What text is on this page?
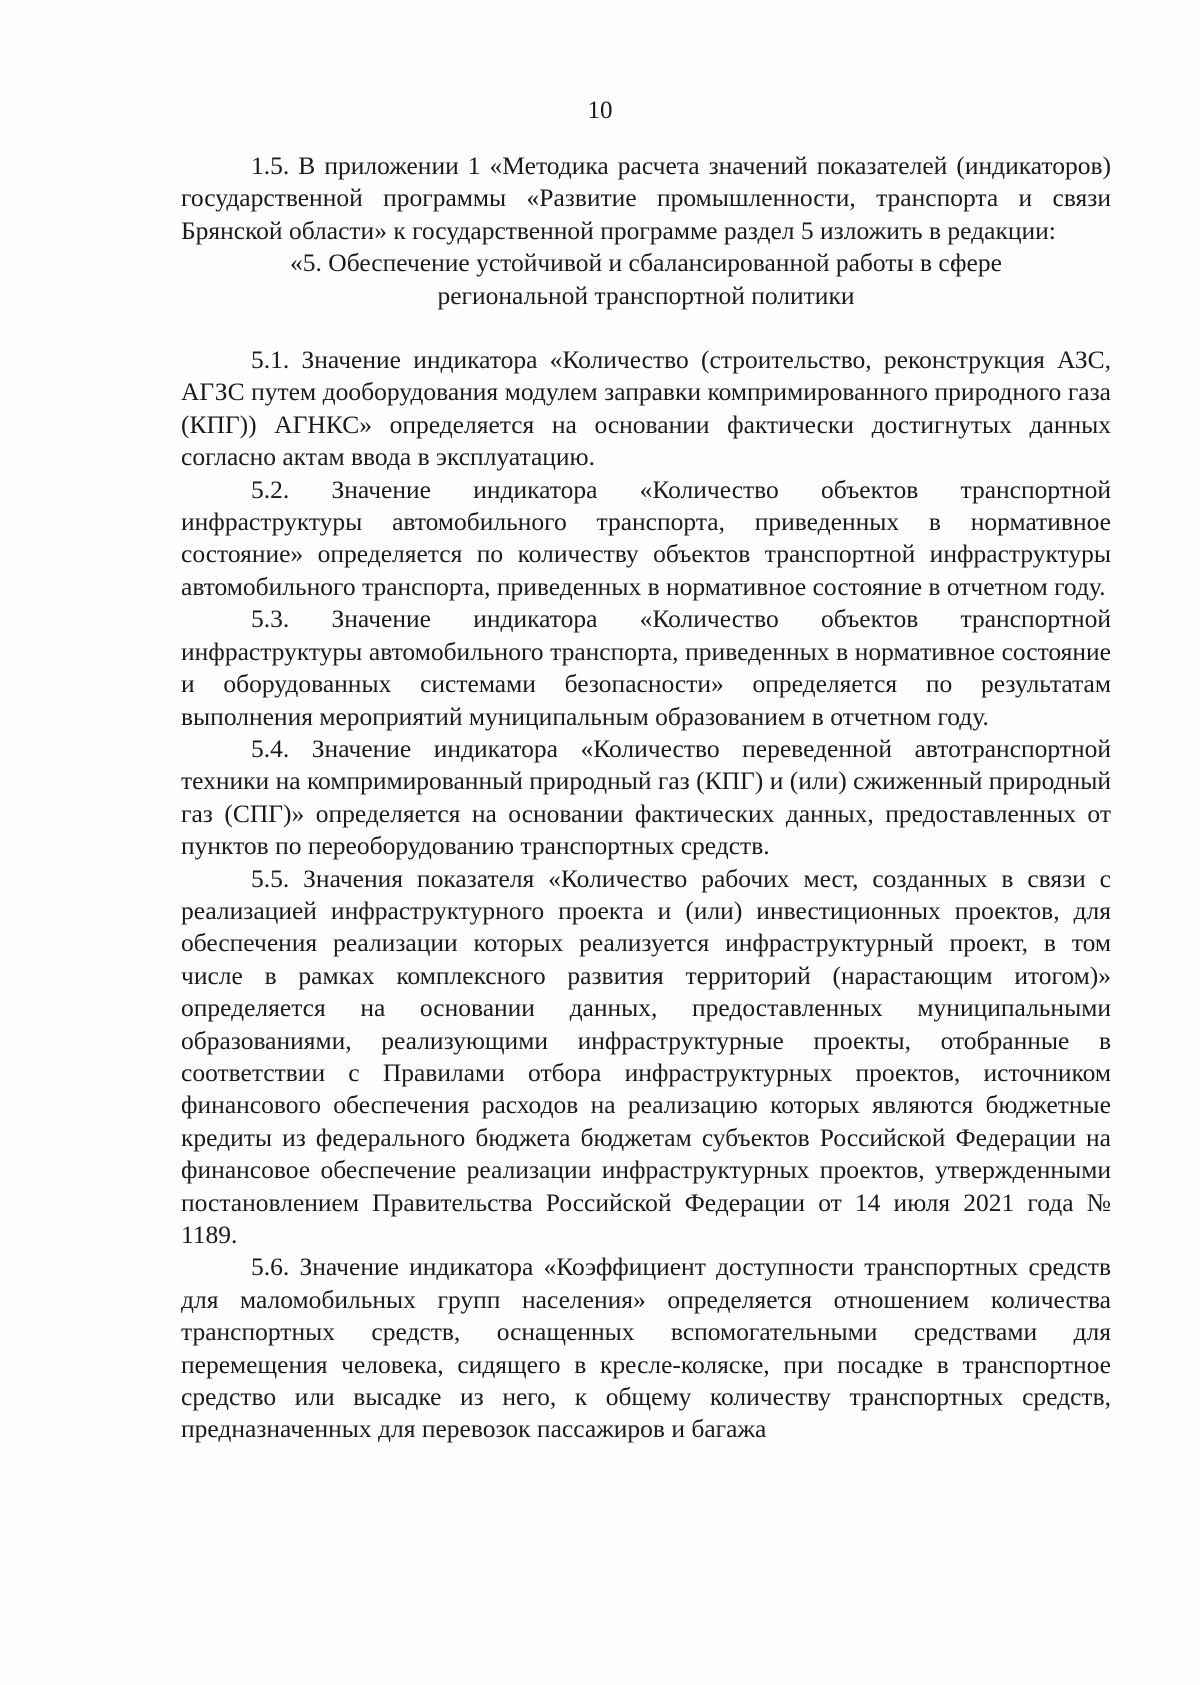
10

1.5. В приложении 1 «Методика расчета значений показателей (индикаторов) государственной программы «Развитие промышленности, транспорта и связи Брянской области» к государственной программе раздел 5 изложить в редакции:

«5. Обеспечение устойчивой и сбалансированной работы в сфере

региональной транспортной политики

5.1. Значение индикатора «Количество (строительство, реконструкция АЗС, АГЗС путем дооборудования модулем заправки компримированного природного газа (КПГ)) АГНКС» определяется на основании фактически достигнутых данных согласно актам ввода в эксплуатацию.

5.2. Значение индикатора «Количество объектов транспортной инфраструктуры автомобильного транспорта, приведенных в нормативное состояние» определяется по количеству объектов транспортной инфраструктуры автомобильного транспорта, приведенных в нормативное состояние в отчетном году.

5.3. Значение индикатора «Количество объектов транспортной инфраструктуры автомобильного транспорта, приведенных в нормативное состояние и оборудованных системами безопасности» определяется по результатам выполнения мероприятий муниципальным образованием в отчетном году.

5.4. Значение индикатора «Количество переведенной автотранспортной техники на компримированный природный газ (КПГ) и (или) сжиженный природный газ (СПГ)» определяется на основании фактических данных, предоставленных от пунктов по переоборудованию транспортных средств.

5.5. Значения показателя «Количество рабочих мест, созданных в связи с реализацией инфраструктурного проекта и (или) инвестиционных проектов, для обеспечения реализации которых реализуется инфраструктурный проект, в том числе в рамках комплексного развития территорий (нарастающим итогом)» определяется на основании данных, предоставленных муниципальными образованиями, реализующими инфраструктурные проекты, отобранные в соответствии с Правилами отбора инфраструктурных проектов, источником финансового обеспечения расходов на реализацию которых являются бюджетные кредиты из федерального бюджета бюджетам субъектов Российской Федерации на финансовое обеспечение реализации инфраструктурных проектов, утвержденными постановлением Правительства Российской Федерации от 14 июля 2021 года № 1189.

5.6. Значение индикатора «Коэффициент доступности транспортных средств для маломобильных групп населения» определяется отношением количества транспортных средств, оснащенных вспомогательными средствами для перемещения человека, сидящего в кресле-коляске, при посадке в транспортное средство или высадке из него, к общему количеству транспортных средств, предназначенных для перевозок пассажиров и багажа
